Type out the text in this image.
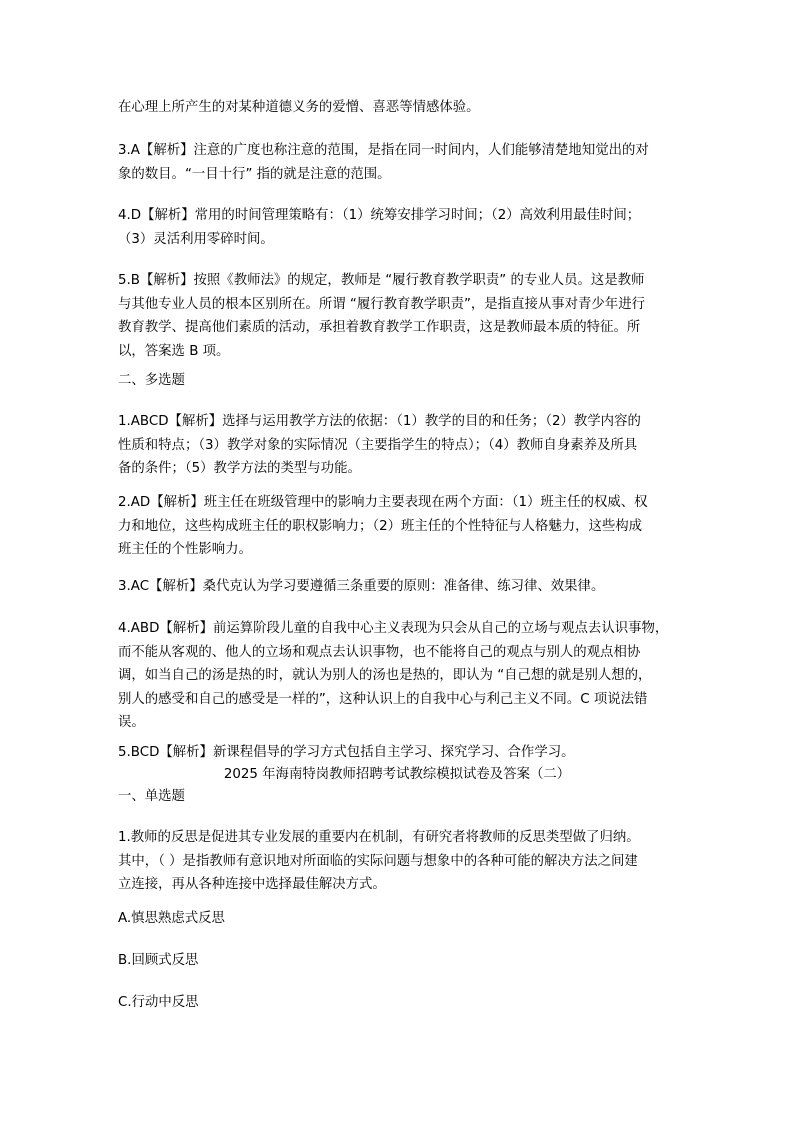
在心理上所产生的对某种道德义务的爱憎、喜恶等情感体验。

3.A【解析】注意的广度也称注意的范围，是指在同一时间内，人们能够清楚地知觉出的对
象的数目。“一目十行” 指的就是注意的范围。

4.D【解析】常用的时间管理策略有：（1）统筹安排学习时间；（2）高效利用最佳时间；
（3）灵活利用零碎时间。

5.B【解析】按照《教师法》的规定，教师是 “履行教育教学职责” 的专业人员。这是教师
与其他专业人员的根本区别所在。所谓 “履行教育教学职责”，是指直接从事对青少年进行
教育教学、提高他们素质的活动，承担着教育教学工作职责，这是教师最本质的特征。所
以，答案选 B 项。

二、多选题

1.ABCD【解析】选择与运用教学方法的依据：（1）教学的目的和任务；（2）教学内容的
性质和特点；（3）教学对象的实际情况（主要指学生的特点）；（4）教师自身素养及所具
备的条件；（5）教学方法的类型与功能。

2.AD【解析】班主任在班级管理中的影响力主要表现在两个方面：（1）班主任的权威、权
力和地位，这些构成班主任的职权影响力；（2）班主任的个性特征与人格魅力，这些构成
班主任的个性影响力。

3.AC【解析】桑代克认为学习要遵循三条重要的原则：准备律、练习律、效果律。

4.ABD【解析】前运算阶段儿童的自我中心主义表现为只会从自己的立场与观点去认识事物，
而不能从客观的、他人的立场和观点去认识事物，也不能将自己的观点与别人的观点相协
调，如当自己的汤是热的时，就认为别人的汤也是热的，即认为 “自己想的就是别人想的，
别人的感受和自己的感受是一样的”，这种认识上的自我中心与利己主义不同。C 项说法错
误。

5.BCD【解析】新课程倡导的学习方式包括自主学习、探究学习、合作学习。

2025 年海南特岗教师招聘考试教综模拟试卷及答案（二）

一、单选题

1.教师的反思是促进其专业发展的重要内在机制，有研究者将教师的反思类型做了归纳。
其中，（ ）是指教师有意识地对所面临的实际问题与想象中的各种可能的解决方法之间建
立连接，再从各种连接中选择最佳解决方式。

A.慎思熟虑式反思

B.回顾式反思

C.行动中反思
